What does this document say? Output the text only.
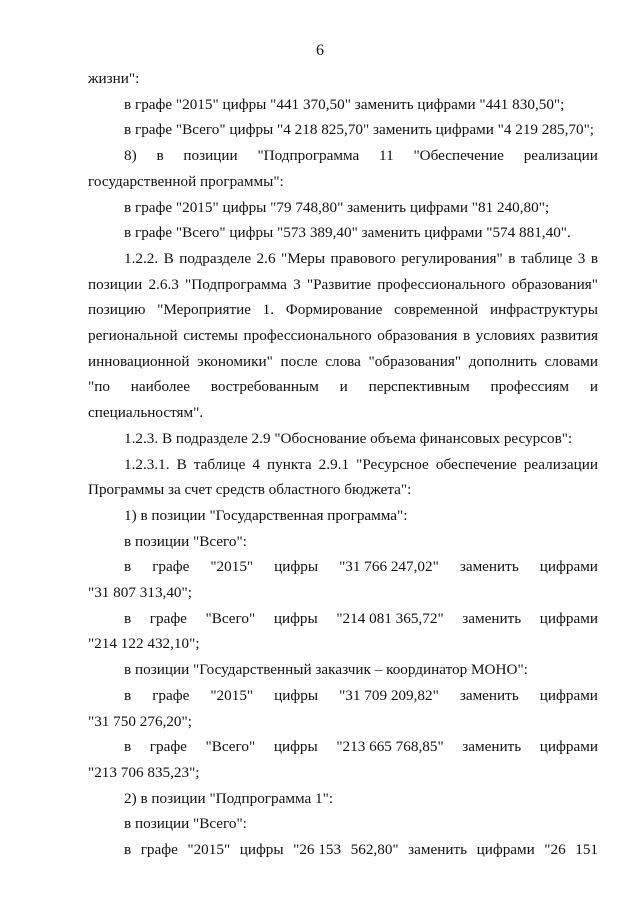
6

жизни":

в графе "2015" цифры "441 370,50" заменить цифрами "441 830,50";

в графе "Всего" цифры "4 218 825,70" заменить цифрами "4 219 285,70";

8) в позиции "Подпрограмма 11 "Обеспечение реализации

государственной программы":

в графе "2015" цифры "79 748,80" заменить цифрами "81 240,80";

в графе "Всего" цифры "573 389,40" заменить цифрами "574 881,40".

1.2.2. В подразделе 2.6 "Меры правового регулирования" в таблице 3 в позиции 2.6.3 "Подпрограмма 3 "Развитие профессионального образования" позицию "Мероприятие 1. Формирование современной инфраструктуры региональной системы профессионального образования в условиях развития инновационной экономики" после слова "образования" дополнить словами "по наиболее востребованным и перспективным профессиям и специальностям".

1.2.3. В подразделе 2.9 "Обоснование объема финансовых ресурсов":

1.2.3.1. В таблице 4 пункта 2.9.1 "Ресурсное обеспечение реализации Программы за счет средств областного бюджета":

1) в позиции "Государственная программа":

в позиции "Всего":

в графе "2015" цифры "31 766 247,02" заменить цифрами

"31 807 313,40";

в графе "Всего" цифры "214 081 365,72" заменить цифрами

"214 122 432,10";

в позиции "Государственный заказчик – координатор МОНО":

в графе "2015" цифры "31 709 209,82" заменить цифрами

"31 750 276,20";

в графе "Всего" цифры "213 665 768,85" заменить цифрами

"213 706 835,23";

2) в позиции "Подпрограмма 1":

в позиции "Всего":

в графе "2015" цифры "26 153 562,80" заменить цифрами "26 151
